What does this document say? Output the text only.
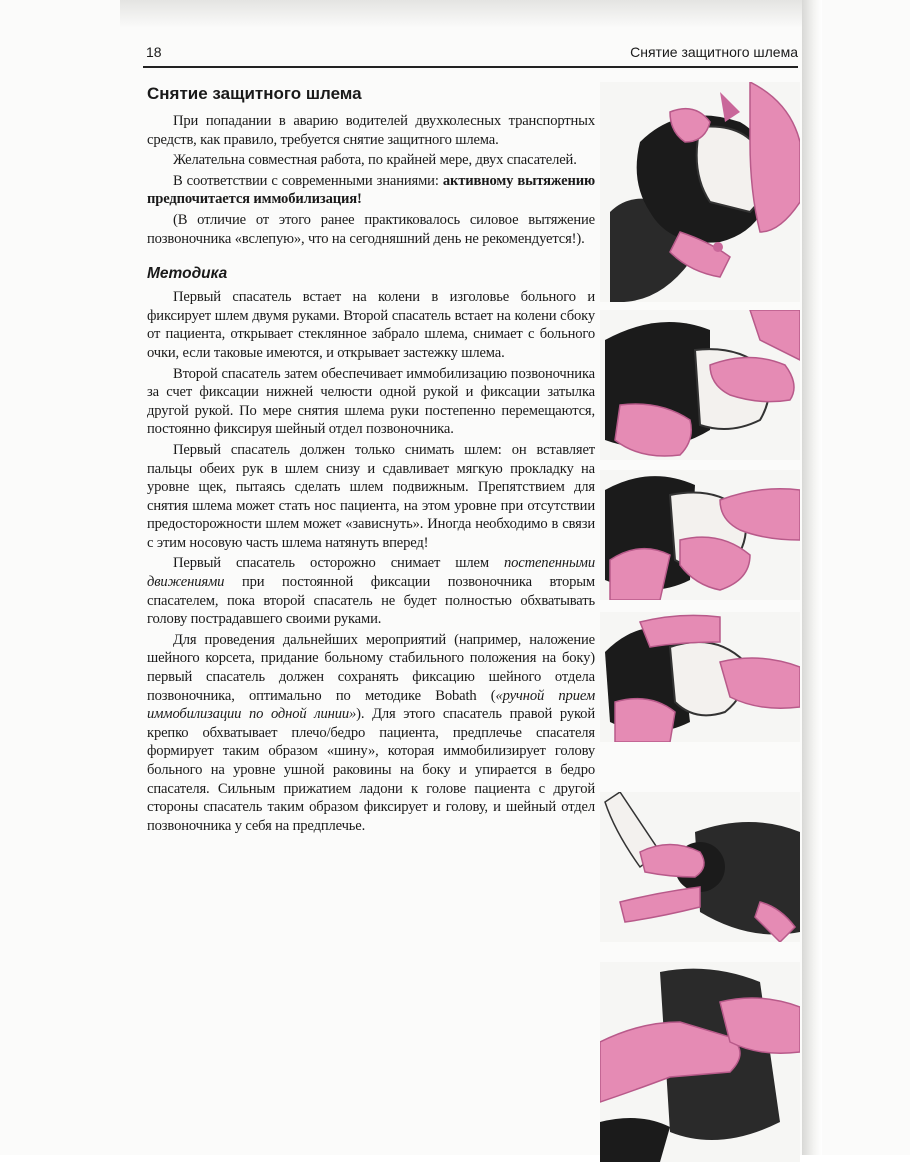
18	Снятие защитного шлема
Снятие защитного шлема

При попадании в аварию водителей двухколесных транспортных средств, как правило, требуется снятие защитного шлема.

Желательна совместная работа, по крайней мере, двух спасателей.

В соответствии с современными знаниями: активному вытяжению предпочитается иммобилизация!

(В отличие от этого ранее практиковалось силовое вытяжение позвоночника «вслепую», что на сегодняшний день не рекомендуется!).

Методика

Первый спасатель встает на колени в изголовье больного и фиксирует шлем двумя руками. Второй спасатель встает на колени сбоку от пациента, открывает стеклянное забрало шлема, снимает с больного очки, если таковые имеются, и открывает застежку шлема.

Второй спасатель затем обеспечивает иммобилизацию позвоночника за счет фиксации нижней челюсти одной рукой и фиксации затылка другой рукой. По мере снятия шлема руки постепенно перемещаются, постоянно фиксируя шейный отдел позвоночника.

Первый спасатель должен только снимать шлем: он вставляет пальцы обеих рук в шлем снизу и сдавливает мягкую прокладку на уровне щек, пытаясь сделать шлем подвижным. Препятствием для снятия шлема может стать нос пациента, на этом уровне при отсутствии предосторожности шлем может «зависнуть». Иногда необходимо в связи с этим носовую часть шлема натянуть вперед!

Первый спасатель осторожно снимает шлем постепенными движениями при постоянной фиксации позвоночника вторым спасателем, пока второй спасатель не будет полностью обхватывать голову пострадавшего своими руками.

Для проведения дальнейших мероприятий (например, наложение шейного корсета, придание больному стабильного положения на боку) первый спасатель должен сохранять фиксацию шейного отдела позвоночника, оптимально по методике Bobath («ручной прием иммобилизации по одной линии»). Для этого спасатель правой рукой крепко обхватывает плечо/бедро пациента, предплечье спасателя формирует таким образом «шину», которая иммобилизирует голову больного на уровне ушной раковины на боку и упирается в бедро спасателя. Сильным прижатием ладони к голове пациента с другой стороны спасатель таким образом фиксирует и голову, и шейный отдел позвоночника у себя на предплечье.
